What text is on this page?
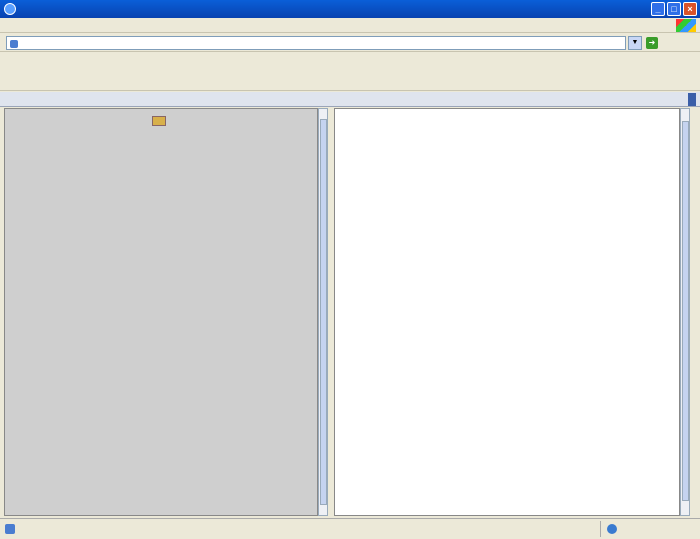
_	□	×
▼	➜
